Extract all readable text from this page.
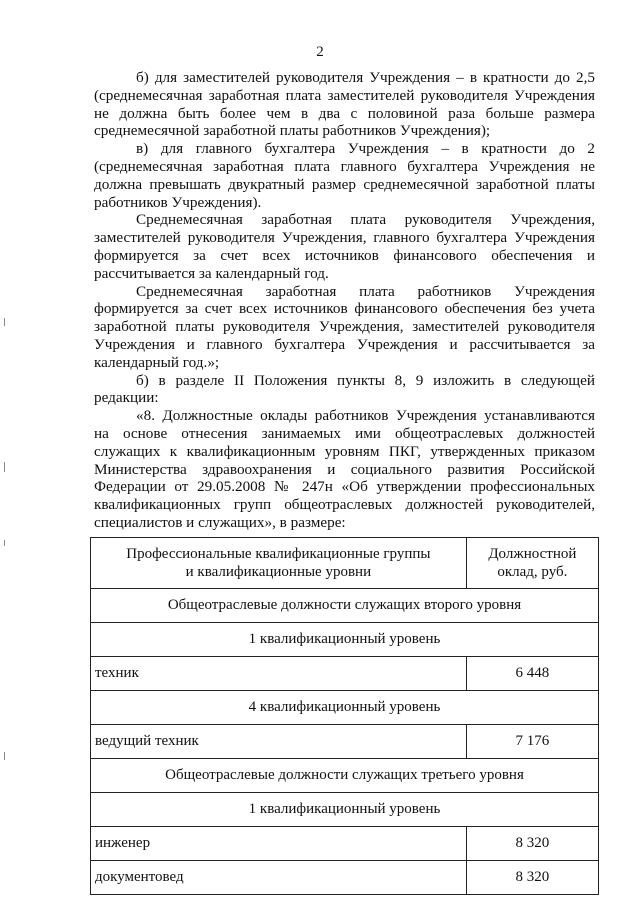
2

б) для заместителей руководителя Учреждения – в кратности до 2,5 (среднемесячная заработная плата заместителей руководителя Учреждения не должна быть более чем в два с половиной раза больше размера среднемесячной заработной платы работников Учреждения);

в) для главного бухгалтера Учреждения – в кратности до 2 (среднемесячная заработная плата главного бухгалтера Учреждения не должна превышать двукратный размер среднемесячной заработной платы работников Учреждения).

Среднемесячная заработная плата руководителя Учреждения, заместителей руководителя Учреждения, главного бухгалтера Учреждения формируется за счет всех источников финансового обеспечения и рассчитывается за календарный год.

Среднемесячная заработная плата работников Учреждения формируется за счет всех источников финансового обеспечения без учета заработной платы руководителя Учреждения, заместителей руководителя Учреждения и главного бухгалтера Учреждения и рассчитывается за календарный год.»;

б) в разделе II Положения пункты 8, 9 изложить в следующей редакции:

«8. Должностные оклады работников Учреждения устанавливаются на основе отнесения занимаемых ими общеотраслевых должностей служащих к квалификационным уровням ПКГ, утвержденных приказом Министерства здравоохранения и социального развития Российской Федерации от 29.05.2008 № 247н «Об утверждении профессиональных квалификационных групп общеотраслевых должностей руководителей, специалистов и служащих», в размере:

Профессиональные квалификационные группы
и квалификационные уровни	Должностной
оклад, руб.
Общеотраслевые должности служащих второго уровня	
1 квалификационный уровень	
техник	6 448
4 квалификационный уровень	
ведущий техник	7 176
Общеотраслевые должности служащих третьего уровня	
1 квалификационный уровень	
инженер	8 320
документовед	8 320
